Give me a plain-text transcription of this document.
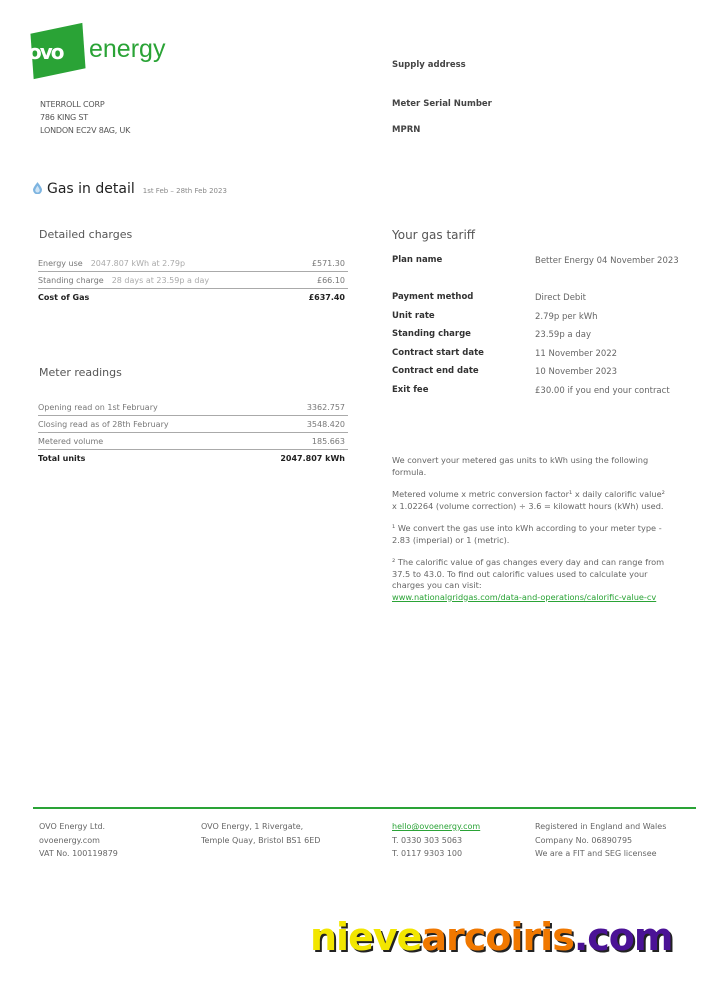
ovo energy
NTERROLL CORP
786 KING ST
LONDON EC2V 8AG, UK
Supply address
Meter Serial Number
MPRN
Gas in detail 1st Feb – 28th Feb 2023
Detailed charges
Energy use 2047.807 kWh at 2.79p	£571.30
Standing charge 28 days at 23.59p a day	£66.10
Cost of Gas	£637.40
Meter readings
Opening read on 1st February	3362.757
Closing read as of 28th February	3548.420
Metered volume	185.663
Total units	2047.807 kWh
Your gas tariff
Plan name	Better Energy 04 November 2023
Payment method	Direct Debit
Unit rate	2.79p per kWh
Standing charge	23.59p a day
Contract start date	11 November 2022
Contract end date	10 November 2023
Exit fee	£30.00 if you end your contract

We convert your metered gas units to kWh using the following formula.

Metered volume x metric conversion factor¹ x daily calorific value² x 1.02264 (volume correction) ÷ 3.6 = kilowatt hours (kWh) used.

¹ We convert the gas use into kWh according to your meter type - 2.83 (imperial) or 1 (metric).

² The calorific value of gas changes every day and can range from 37.5 to 43.0. To find out calorific values used to calculate your charges you can visit:

www.nationalgridgas.com/data-and-operations/calorific-value-cv
OVO Energy Ltd.
ovoenergy.com
VAT No. 100119879
OVO Energy, 1 Rivergate,
Temple Quay, Bristol BS1 6ED
hello@ovoenergy.com
T. 0330 303 5063
T. 0117 9303 100
Registered in England and Wales
Company No. 06890795
We are a FIT and SEG licensee
nievearcoiris.com
